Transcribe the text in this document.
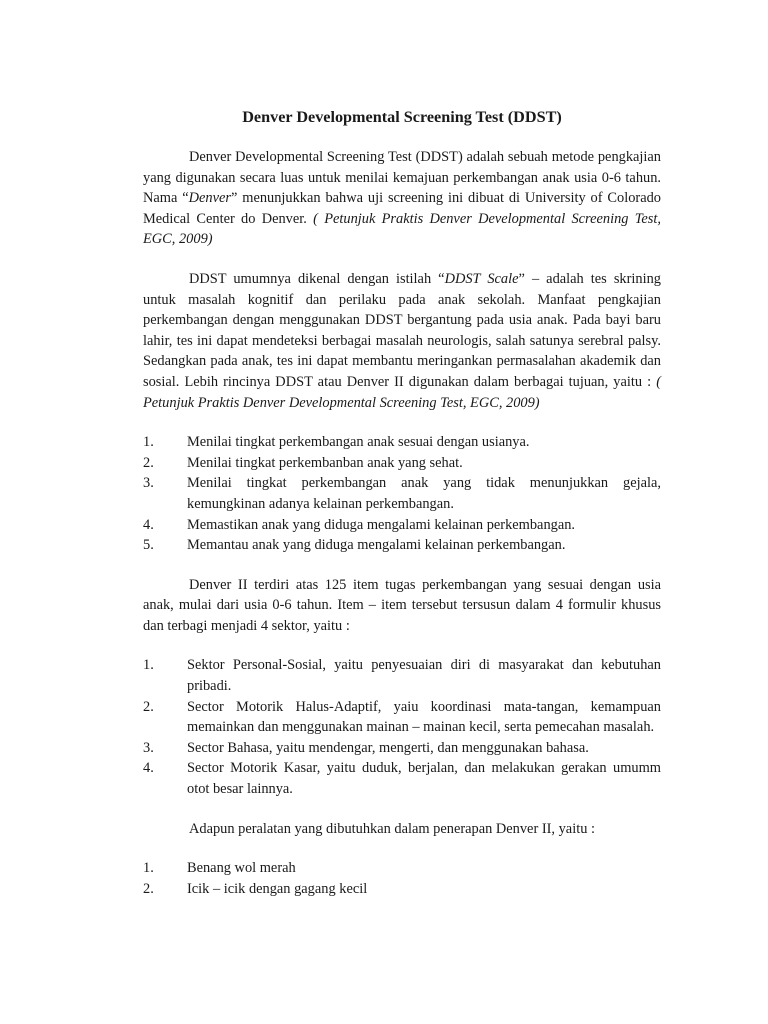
Denver Developmental Screening Test (DDST)

Denver Developmental Screening Test (DDST) adalah sebuah metode pengkajian yang digunakan secara luas untuk menilai kemajuan perkembangan anak usia 0-6 tahun. Nama “Denver” menunjukkan bahwa uji screening ini dibuat di University of Colorado Medical Center do Denver. ( Petunjuk Praktis Denver Developmental Screening Test, EGC, 2009)

DDST umumnya dikenal dengan istilah “DDST Scale” – adalah tes skrining untuk masalah kognitif dan perilaku pada anak sekolah. Manfaat pengkajian perkembangan dengan menggunakan DDST bergantung pada usia anak. Pada bayi baru lahir, tes ini dapat mendeteksi berbagai masalah neurologis, salah satunya serebral palsy. Sedangkan pada anak, tes ini dapat membantu meringankan permasalahan akademik dan sosial. Lebih rincinya DDST atau Denver II digunakan dalam berbagai tujuan, yaitu : ( Petunjuk Praktis Denver Developmental Screening Test, EGC, 2009)

1.	Menilai tingkat perkembangan anak sesuai dengan usianya.
2.	Menilai tingkat perkembanban anak yang sehat.
3.	Menilai tingkat perkembangan anak yang tidak menunjukkan gejala, kemungkinan adanya kelainan perkembangan.
4.	Memastikan anak yang diduga mengalami kelainan perkembangan.
5.	Memantau anak yang diduga mengalami kelainan perkembangan.

Denver II terdiri atas 125 item tugas perkembangan yang sesuai dengan usia anak, mulai dari usia 0-6 tahun. Item – item tersebut tersusun dalam 4 formulir khusus dan terbagi menjadi 4 sektor, yaitu :

1.	Sektor Personal-Sosial, yaitu penyesuaian diri di masyarakat dan kebutuhan pribadi.
2.	Sector Motorik Halus-Adaptif, yaiu koordinasi mata-tangan, kemampuan memainkan dan menggunakan mainan – mainan kecil, serta pemecahan masalah.
3.	Sector Bahasa, yaitu mendengar, mengerti, dan menggunakan bahasa.
4.	Sector Motorik Kasar, yaitu duduk, berjalan, dan melakukan gerakan umumm otot besar lainnya.

Adapun peralatan yang dibutuhkan dalam penerapan Denver II, yaitu :

1.	Benang wol merah
2.	Icik – icik dengan gagang kecil
